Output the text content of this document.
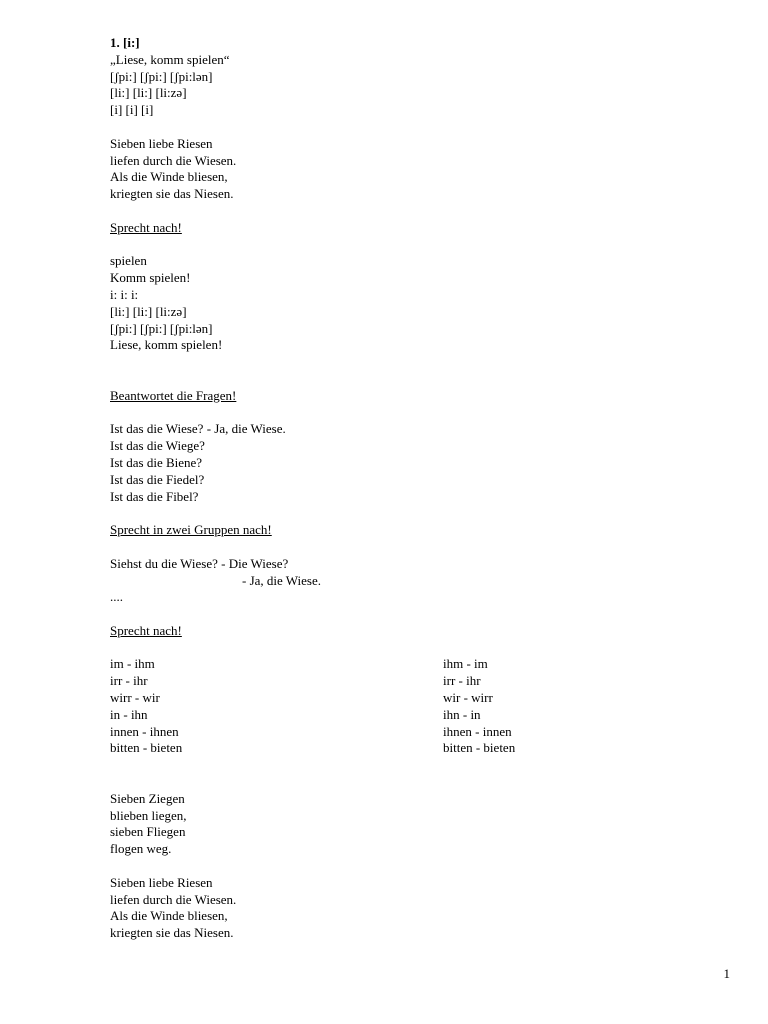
1. [i:]
„Liese, komm spielen“
[ʃpi:] [ʃpi:] [ʃpi:lən]
[li:] [li:] [li:zə]
[i] [i] [i]
Sieben liebe Riesen
liefen durch die Wiesen.
Als die Winde bliesen,
kriegten sie das Niesen.
Sprecht nach!
spielen
Komm spielen!
i: i: i:
[li:] [li:] [li:zə]
[ʃpi:] [ʃpi:] [ʃpi:lən]
Liese, komm spielen!
Beantwortet die Fragen!
Ist das die Wiese? - Ja, die Wiese.
Ist das die Wiege?
Ist das die Biene?
Ist das die Fiedel?
Ist das die Fibel?
Sprecht in zwei Gruppen nach!
Siehst du die Wiese? - Die Wiese?
- Ja, die Wiese.
....
Sprecht nach!
im - ihm
irr - ihr
wirr - wir
in - ihn
innen - ihnen
bitten - bieten
ihm - im
irr - ihr
wir - wirr
ihn - in
ihnen - innen
bitten - bieten
Sieben Ziegen
blieben liegen,
sieben Fliegen
flogen weg.
Sieben liebe Riesen
liefen durch die Wiesen.
Als die Winde bliesen,
kriegten sie das Niesen.
1
